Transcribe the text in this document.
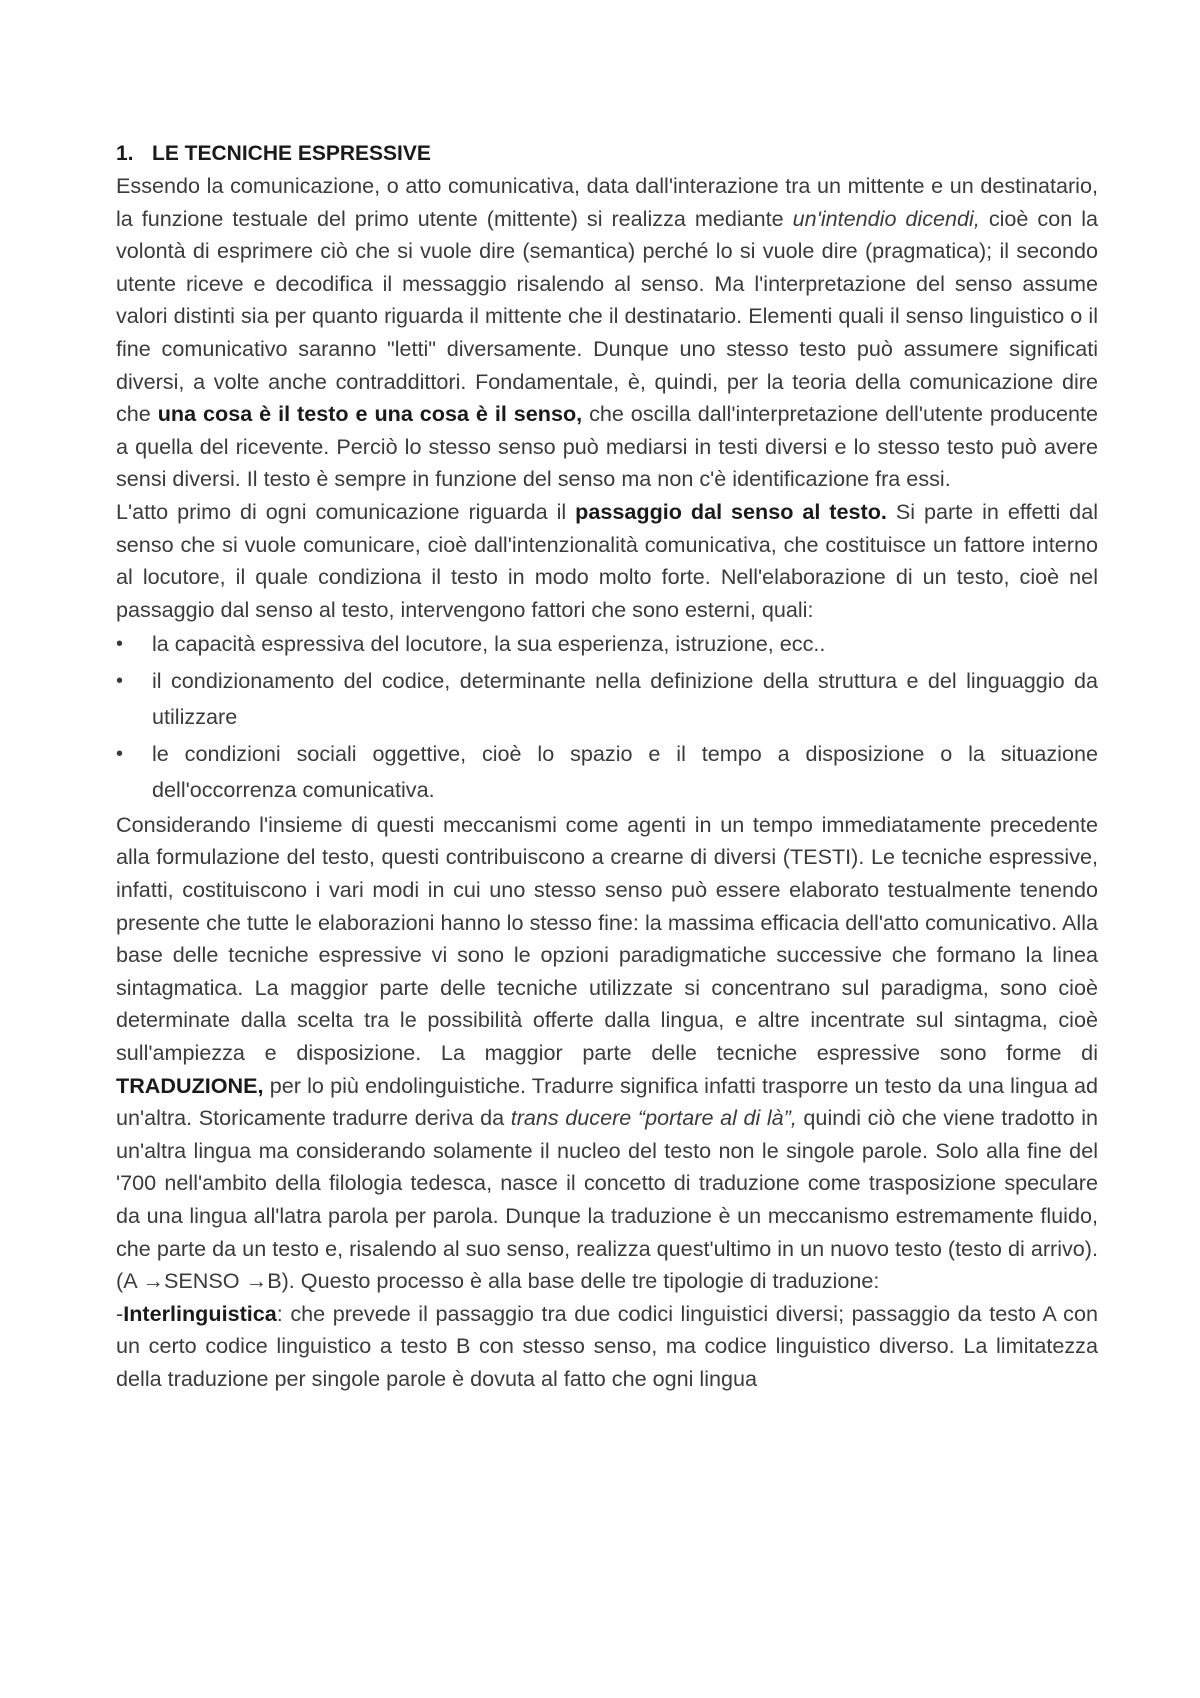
1. LE TECNICHE ESPRESSIVE

Essendo la comunicazione, o atto comunicativa, data dall'interazione tra un mittente e un destinatario, la funzione testuale del primo utente (mittente) si realizza mediante un'intendio dicendi, cioè con la volontà di esprimere ciò che si vuole dire (semantica) perché lo si vuole dire (pragmatica); il secondo utente riceve e decodifica il messaggio risalendo al senso. Ma l'interpretazione del senso assume valori distinti sia per quanto riguarda il mittente che il destinatario. Elementi quali il senso linguistico o il fine comunicativo saranno "letti" diversamente. Dunque uno stesso testo può assumere significati diversi, a volte anche contraddittori. Fondamentale, è, quindi, per la teoria della comunicazione dire che una cosa è il testo e una cosa è il senso, che oscilla dall'interpretazione dell'utente producente a quella del ricevente. Perciò lo stesso senso può mediarsi in testi diversi e lo stesso testo può avere sensi diversi. Il testo è sempre in funzione del senso ma non c'è identificazione fra essi.

L'atto primo di ogni comunicazione riguarda il passaggio dal senso al testo. Si parte in effetti dal senso che si vuole comunicare, cioè dall'intenzionalità comunicativa, che costituisce un fattore interno al locutore, il quale condiziona il testo in modo molto forte. Nell'elaborazione di un testo, cioè nel passaggio dal senso al testo, intervengono fattori che sono esterni, quali:

• la capacità espressiva del locutore, la sua esperienza, istruzione, ecc..
• il condizionamento del codice, determinante nella definizione della struttura e del linguaggio da utilizzare
• le condizioni sociali oggettive, cioè lo spazio e il tempo a disposizione o la situazione dell'occorrenza comunicativa.

Considerando l'insieme di questi meccanismi come agenti in un tempo immediatamente precedente alla formulazione del testo, questi contribuiscono a crearne di diversi (TESTI). Le tecniche espressive, infatti, costituiscono i vari modi in cui uno stesso senso può essere elaborato testualmente tenendo presente che tutte le elaborazioni hanno lo stesso fine: la massima efficacia dell'atto comunicativo. Alla base delle tecniche espressive vi sono le opzioni paradigmatiche successive che formano la linea sintagmatica. La maggior parte delle tecniche utilizzate si concentrano sul paradigma, sono cioè determinate dalla scelta tra le possibilità offerte dalla lingua, e altre incentrate sul sintagma, cioè sull'ampiezza e disposizione. La maggior parte delle tecniche espressive sono forme di TRADUZIONE, per lo più endolinguistiche. Tradurre significa infatti trasporre un testo da una lingua ad un'altra. Storicamente tradurre deriva da trans ducere “portare al di là”, quindi ciò che viene tradotto in un'altra lingua ma considerando solamente il nucleo del testo non le singole parole. Solo alla fine del '700 nell'ambito della filologia tedesca, nasce il concetto di traduzione come trasposizione speculare da una lingua all'latra parola per parola. Dunque la traduzione è un meccanismo estremamente fluido, che parte da un testo e, risalendo al suo senso, realizza quest'ultimo in un nuovo testo (testo di arrivo). (A →SENSO →B). Questo processo è alla base delle tre tipologie di traduzione:

-Interlinguistica: che prevede il passaggio tra due codici linguistici diversi; passaggio da testo A con un certo codice linguistico a testo B con stesso senso, ma codice linguistico diverso. La limitatezza della traduzione per singole parole è dovuta al fatto che ogni lingua
